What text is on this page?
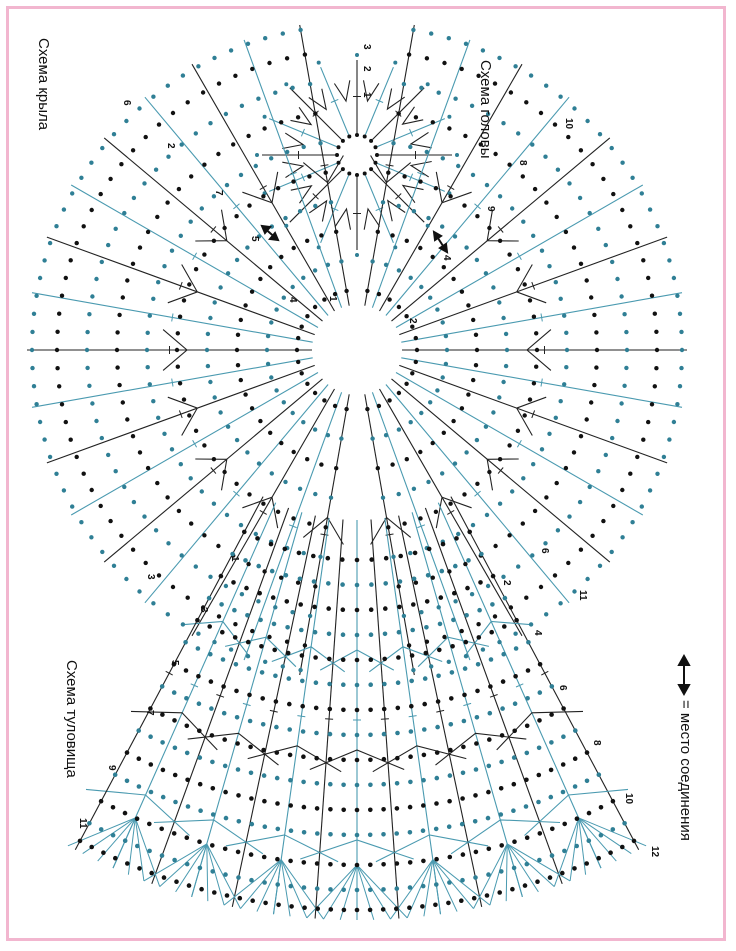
3
2
1
1
2
3
4
5
6
7
2
4
6
8
9
10
11
1
3
5
7
9
11
2
4
6
8
10
12
Схема крыла	Схема головы
Схема туловища	= место соединения
